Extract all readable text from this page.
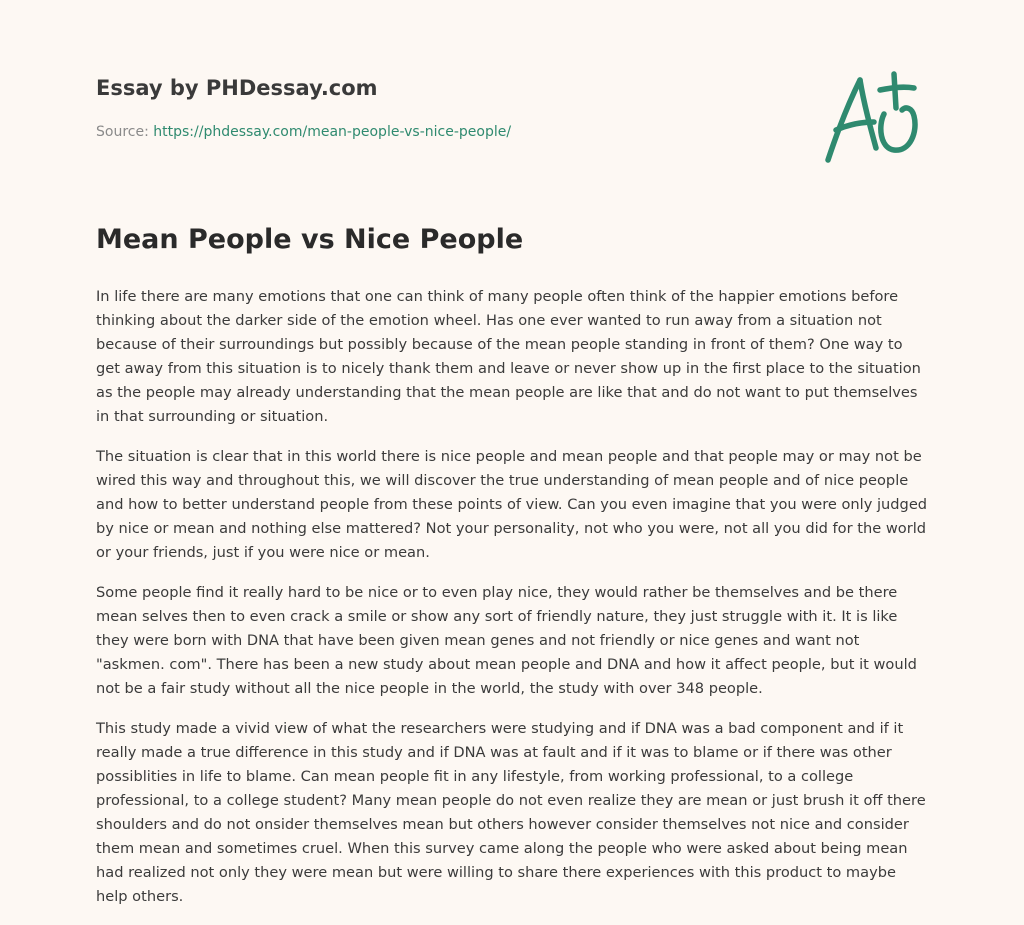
Essay by PHDessay.com
Source: https://phdessay.com/mean-people-vs-nice-people/
Mean People vs Nice People

In life there are many emotions that one can think of many people often think of the happier emotions before thinking about the darker side of the emotion wheel. Has one ever wanted to run away from a situation not because of their surroundings but possibly because of the mean people standing in front of them? One way to get away from this situation is to nicely thank them and leave or never show up in the first place to the situation as the people may already understanding that the mean people are like that and do not want to put themselves in that surrounding or situation.

The situation is clear that in this world there is nice people and mean people and that people may or may not be wired this way and throughout this, we will discover the true understanding of mean people and of nice people and how to better understand people from these points of view. Can you even imagine that you were only judged by nice or mean and nothing else mattered? Not your personality, not who you were, not all you did for the world or your friends, just if you were nice or mean.

Some people find it really hard to be nice or to even play nice, they would rather be themselves and be there mean selves then to even crack a smile or show any sort of friendly nature, they just struggle with it. It is like they were born with DNA that have been given mean genes and not friendly or nice genes and want not "askmen. com". There has been a new study about mean people and DNA and how it affect people, but it would not be a fair study without all the nice people in the world, the study with over 348 people.

This study made a vivid view of what the researchers were studying and if DNA was a bad component and if it really made a true difference in this study and if DNA was at fault and if it was to blame or if there was other possiblities in life to blame. Can mean people fit in any lifestyle, from working professional, to a college professional, to a college student? Many mean people do not even realize they are mean or just brush it off there shoulders and do not onsider themselves mean but others however consider themselves not nice and consider them mean and sometimes cruel. When this survey came along the people who were asked about being mean had realized not only they were mean but were willing to share there experiences with this product to maybe help others.
